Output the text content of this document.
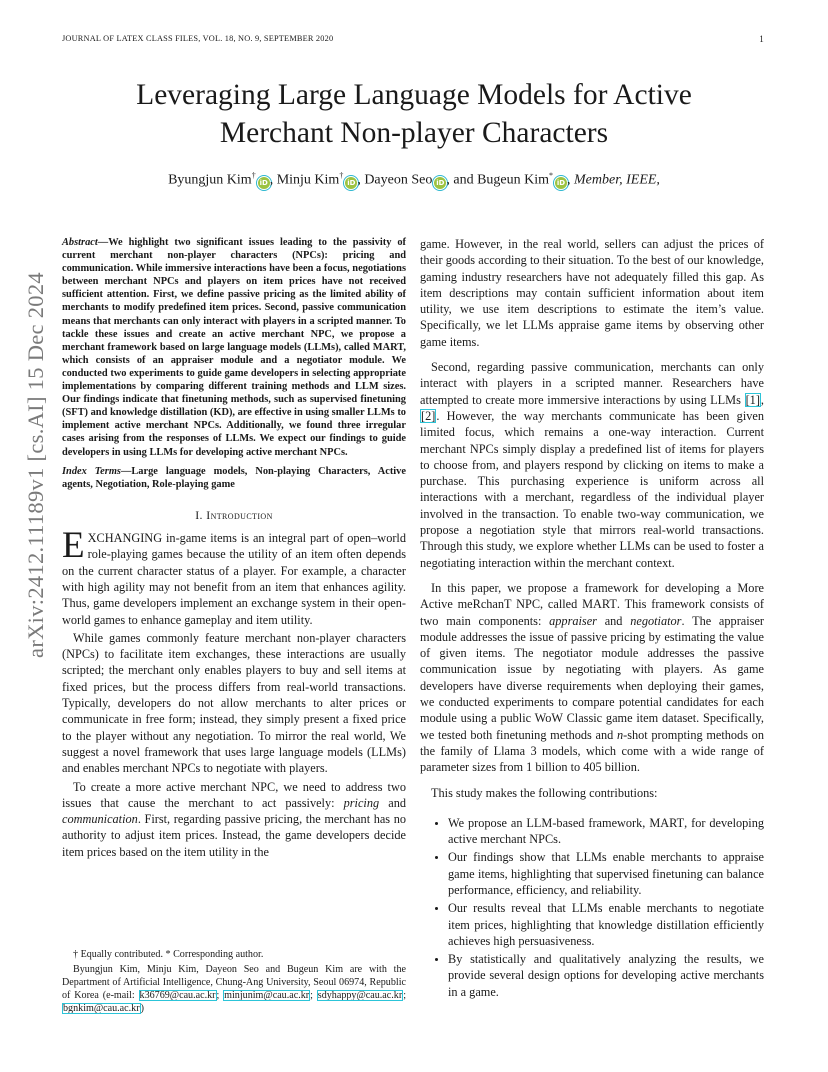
JOURNAL OF LATEX CLASS FILES, VOL. 18, NO. 9, SEPTEMBER 2020	1
arXiv:2412.11189v1 [cs.AI] 15 Dec 2024
Leveraging Large Language Models for Active
Merchant Non-player Characters
Byungjun Kim†iD , Minju Kim†iD , Dayeon Seo iD , and Bugeun Kim*iD , Member, IEEE,

Abstract—We highlight two significant issues leading to the passivity of current merchant non-player characters (NPCs): pricing and communication. While immersive interactions have been a focus, negotiations between merchant NPCs and players on item prices have not received sufficient attention. First, we define passive pricing as the limited ability of merchants to modify predefined item prices. Second, passive communication means that merchants can only interact with players in a scripted manner. To tackle these issues and create an active merchant NPC, we propose a merchant framework based on large language models (LLMs), called MART, which consists of an appraiser module and a negotiator module. We conducted two experiments to guide game developers in selecting appropriate implementations by comparing different training methods and LLM sizes. Our findings indicate that finetuning methods, such as supervised finetuning (SFT) and knowledge distillation (KD), are effective in using smaller LLMs to implement active merchant NPCs. Additionally, we found three irregular cases arising from the responses of LLMs. We expect our findings to guide developers in using LLMs for developing active merchant NPCs.

Index Terms—Large language models, Non-playing Characters, Active agents, Negotiation, Role-playing game

I. Introduction

EXCHANGING in-game items is an integral part of open–world role-playing games because the utility of an item often depends on the current character status of a player. For example, a character with high agility may not benefit from an item that enhances agility. Thus, game developers implement an exchange system in their open-world games to enhance gameplay and item utility.

While games commonly feature merchant non-player characters (NPCs) to facilitate item exchanges, these interactions are usually scripted; the merchant only enables players to buy and sell items at fixed prices, but the process differs from real-world transactions. Typically, developers do not allow merchants to alter prices or communicate in free form; instead, they simply present a fixed price to the player without any negotiation. To mirror the real world, We suggest a novel framework that uses large language models (LLMs) and enables merchant NPCs to negotiate with players.

To create a more active merchant NPC, we need to address two issues that cause the merchant to act passively: pricing and communication. First, regarding passive pricing, the merchant has no authority to adjust item prices. Instead, the game developers decide item prices based on the item utility in the

† Equally contributed. * Corresponding author.

Byungjun Kim, Minju Kim, Dayeon Seo and Bugeun Kim are with the Department of Artificial Intelligence, Chung-Ang University, Seoul 06974, Republic of Korea (e-mail: k36769@cau.ac.kr; minjunim@cau.ac.kr; sdyhappy@cau.ac.kr; bgnkim@cau.ac.kr)

game. However, in the real world, sellers can adjust the prices of their goods according to their situation. To the best of our knowledge, gaming industry researchers have not adequately filled this gap. As item descriptions may contain sufficient information about item utility, we use item descriptions to estimate the item’s value. Specifically, we let LLMs appraise game items by observing other game items.

Second, regarding passive communication, merchants can only interact with players in a scripted manner. Researchers have attempted to create more immersive interactions by using LLMs [1], [2]. However, the way merchants communicate has been given limited focus, which remains a one-way interaction. Current merchant NPCs simply display a predefined list of items for players to choose from, and players respond by clicking on items to make a purchase. This purchasing experience is uniform across all interactions with a merchant, regardless of the individual player involved in the transaction. To enable two-way communication, we propose a negotiation style that mirrors real-world transactions. Through this study, we explore whether LLMs can be used to foster a negotiating interaction within the merchant context.

In this paper, we propose a framework for developing a More Active meRchanT NPC, called MART. This framework consists of two main components: appraiser and negotiator. The appraiser module addresses the issue of passive pricing by estimating the value of given items. The negotiator module addresses the passive communication issue by negotiating with players. As game developers have diverse requirements when deploying their games, we conducted experiments to compare potential candidates for each module using a public WoW Classic game item dataset. Specifically, we tested both finetuning methods and n-shot prompting methods on the family of Llama 3 models, which come with a wide range of parameter sizes from 1 billion to 405 billion.

This study makes the following contributions:

• We propose an LLM-based framework, MART, for developing active merchant NPCs.
• Our findings show that LLMs enable merchants to appraise game items, highlighting that supervised finetuning can balance performance, efficiency, and reliability.
• Our results reveal that LLMs enable merchants to negotiate item prices, highlighting that knowledge distillation efficiently achieves high persuasiveness.
• By statistically and qualitatively analyzing the results, we provide several design options for developing active merchants in a game.
